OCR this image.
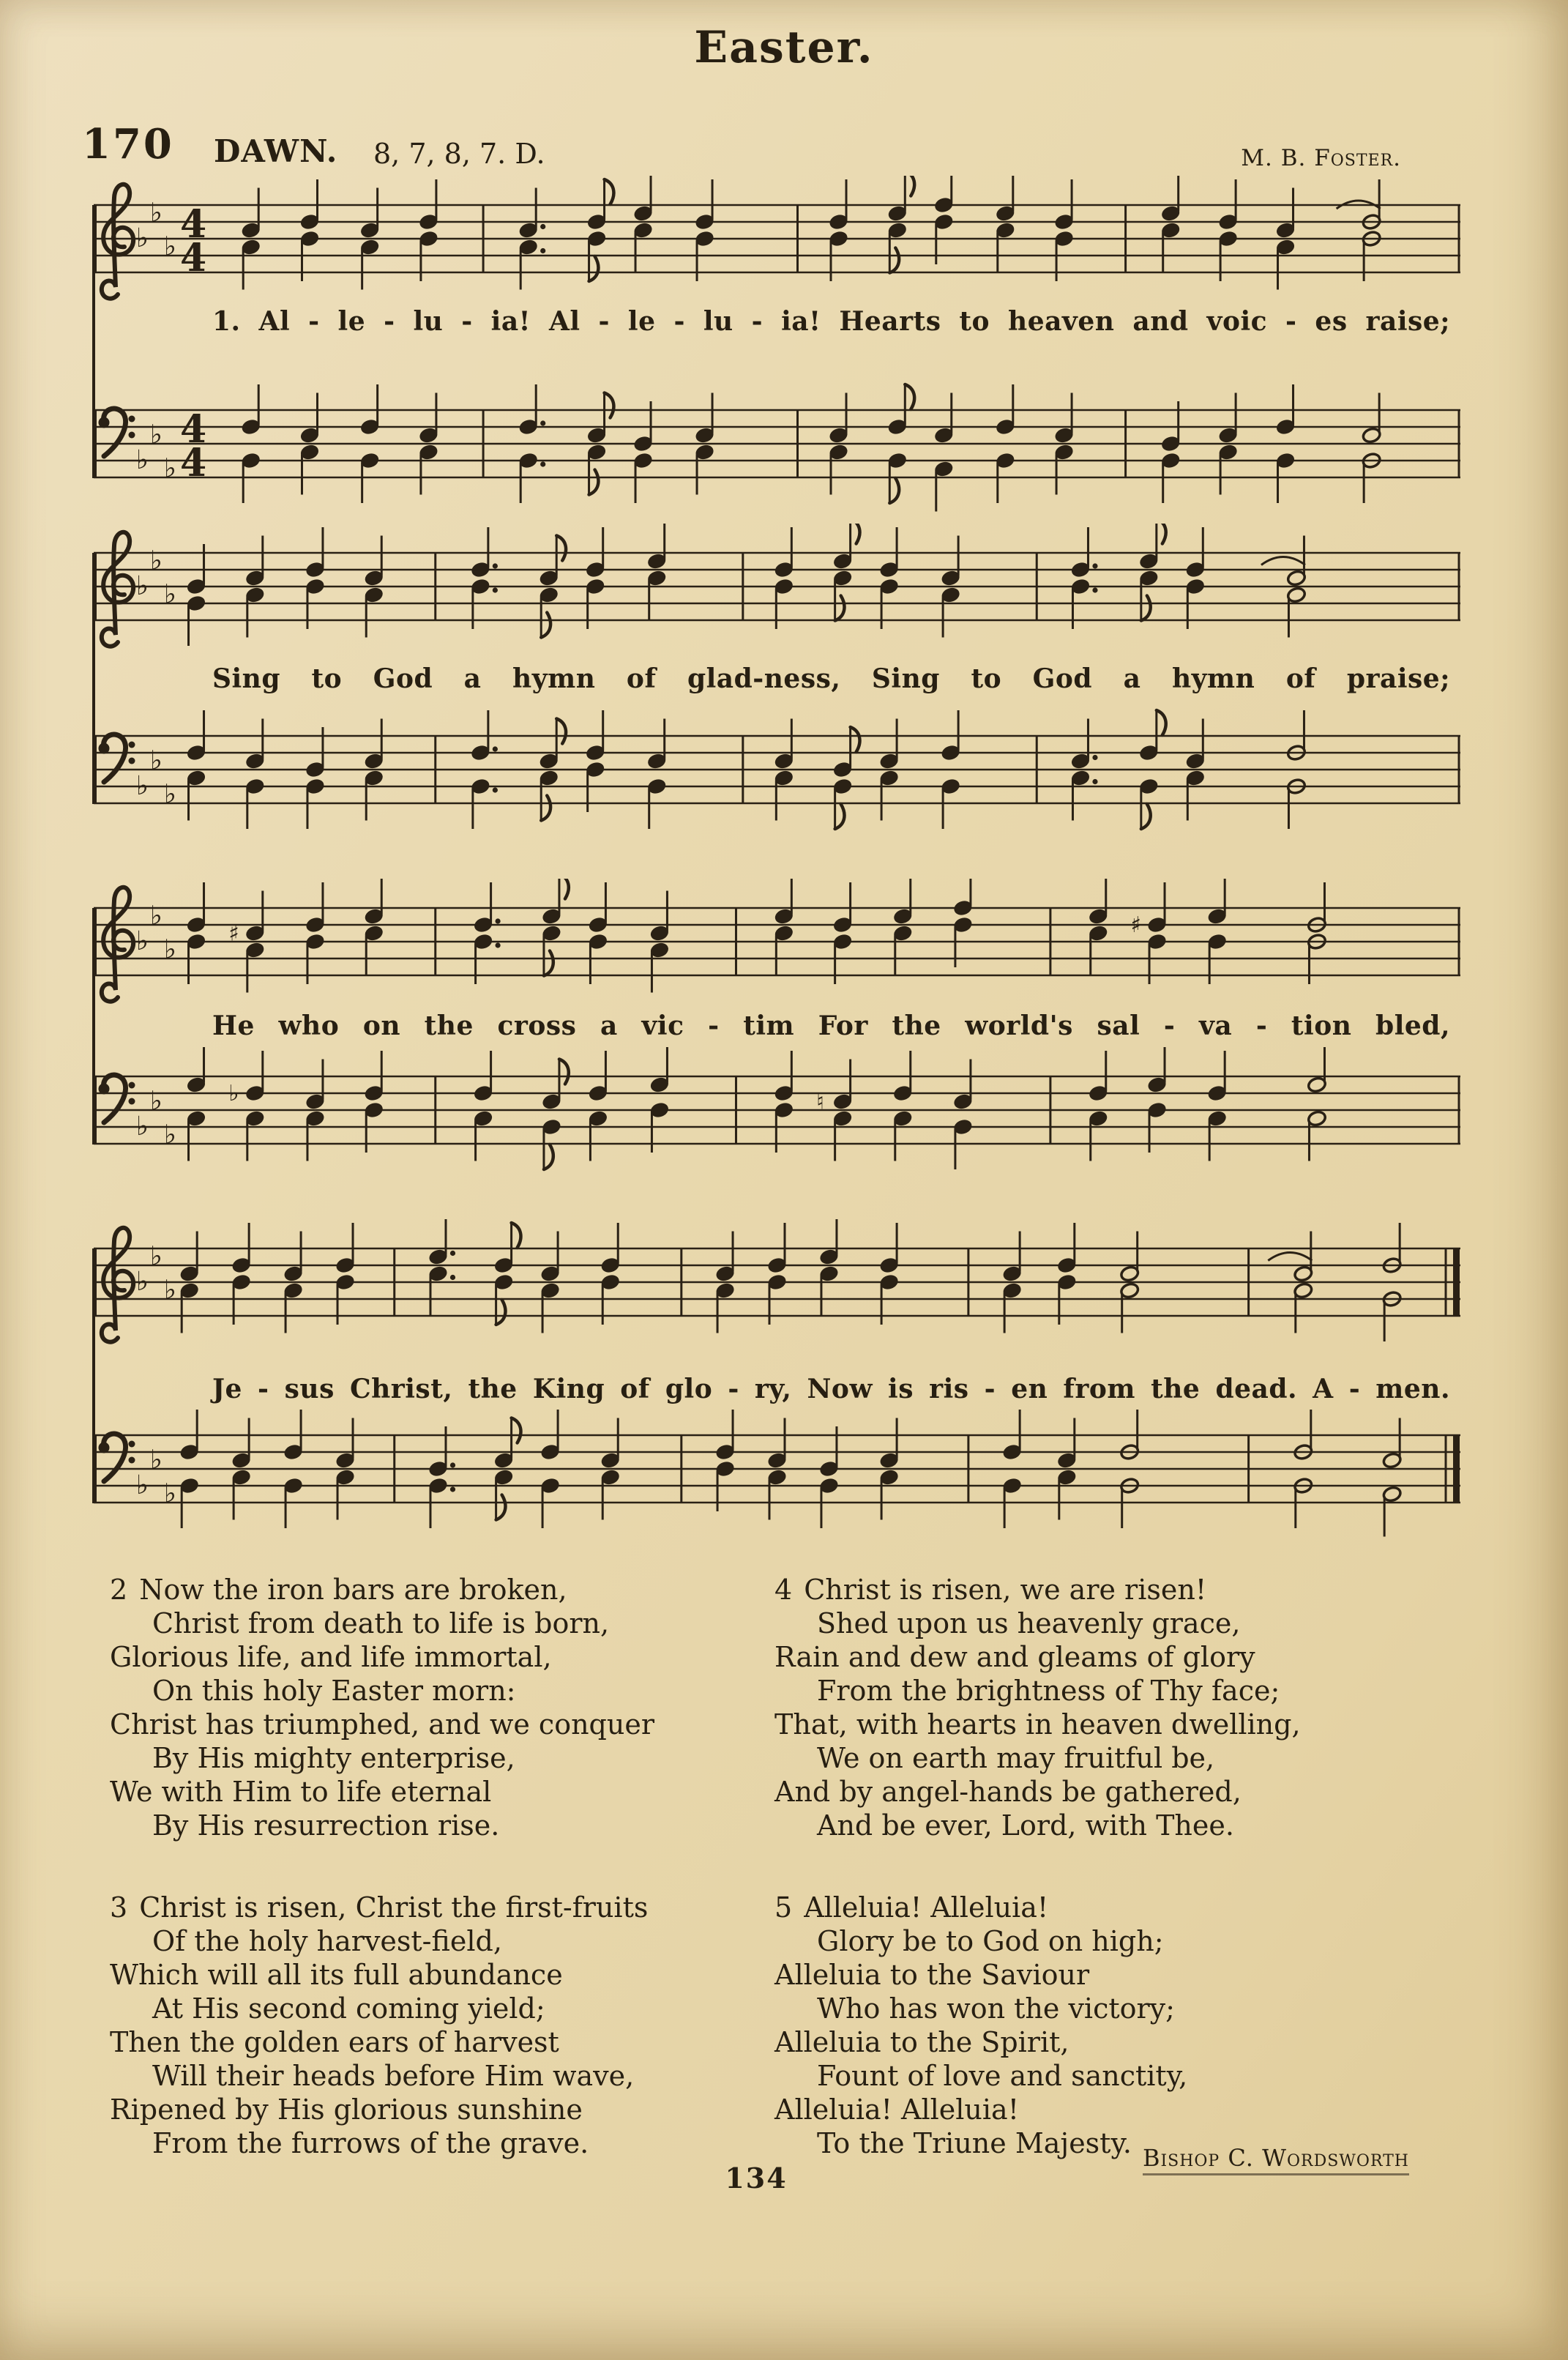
Easter.
170 DAWN. 8, 7, 8, 7. D.	M. B. Foster.
♭
♭
♭ 4
4
1. Al - le - lu - ia! Al - le - lu - ia! Hearts to heaven and voic - es raise;
♭
♭
♭
4
4
♭
♭
♭
Sing to God a hymn of glad-ness, Sing to God a hymn of praise;
♭
♭
♭
♭
♭
♭
♯	♯
He who on the cross a vic - tim For the world's sal - va - tion bled,
♭
♭
♭
♭	♮
♭
♭
♭
Je - sus Christ, the King of glo - ry, Now is ris - en from the dead. A - men.
♭
♭
♭
2 Now the iron bars are broken,
Christ from death to life is born,
Glorious life, and life immortal,
On this holy Easter morn:
Christ has triumphed, and we conquer
By His mighty enterprise,
We with Him to life eternal
By His resurrection rise.
3 Christ is risen, Christ the first-fruits
Of the holy harvest-field,
Which will all its full abundance
At His second coming yield;
Then the golden ears of harvest
Will their heads before Him wave,
Ripened by His glorious sunshine
From the furrows of the grave.
4 Christ is risen, we are risen!
Shed upon us heavenly grace,
Rain and dew and gleams of glory
From the brightness of Thy face;
That, with hearts in heaven dwelling,
We on earth may fruitful be,
And by angel-hands be gathered,
And be ever, Lord, with Thee.
5 Alleluia! Alleluia!
Glory be to God on high;
Alleluia to the Saviour
Who has won the victory;
Alleluia to the Spirit,
Fount of love and sanctity,
Alleluia! Alleluia!
To the Triune Majesty. Bishop C. Wordsworth
134
